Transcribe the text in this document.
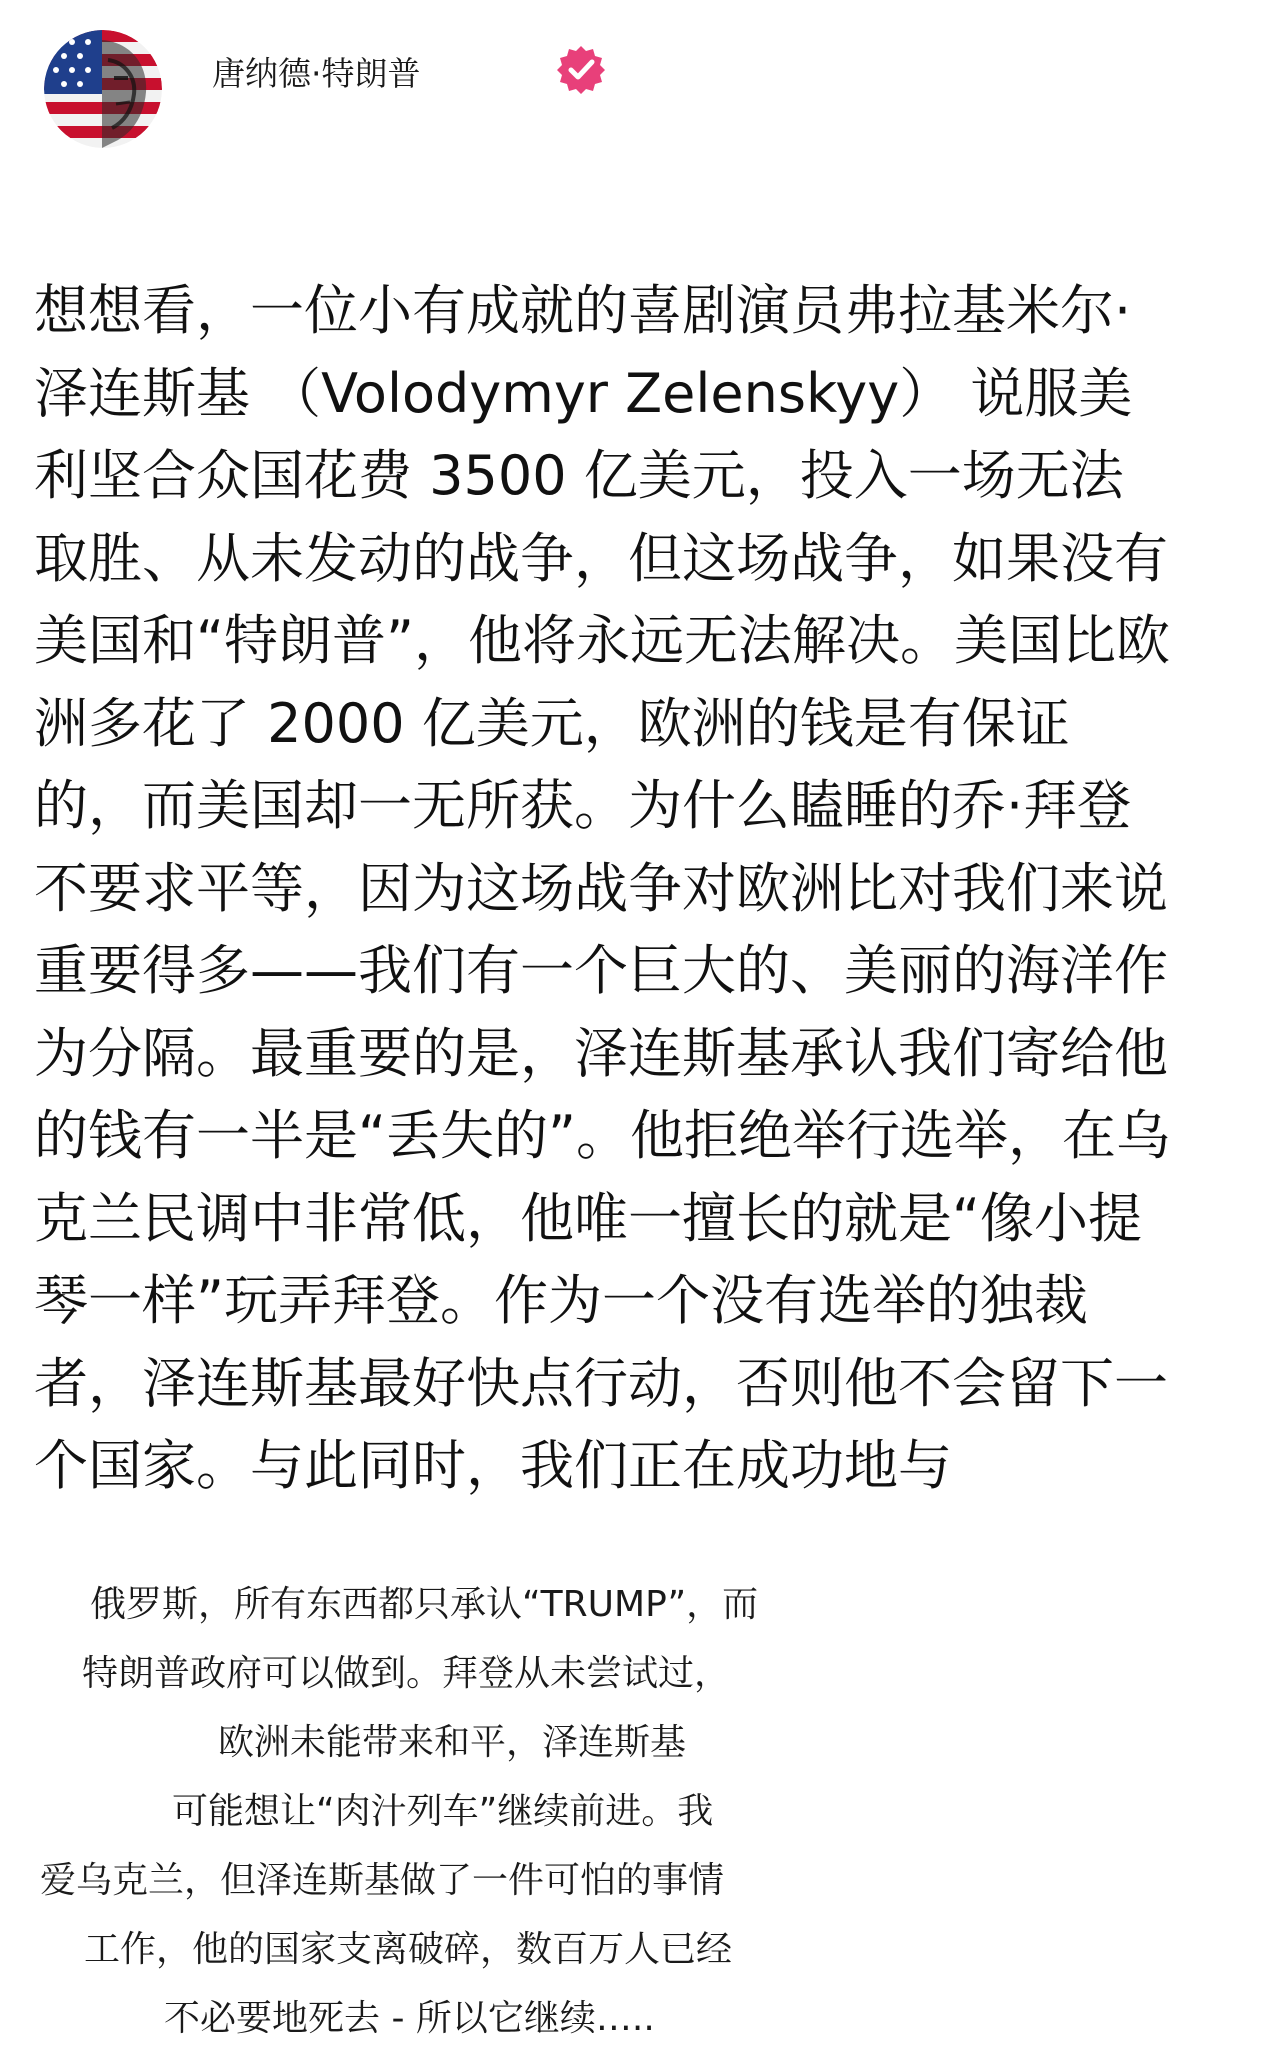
唐纳德·特朗普
想想看，一位小有成就的喜剧演员弗拉基米尔·
泽连斯基 （Volodymyr Zelenskyy） 说服美
利坚合众国花费 3500 亿美元，投入一场无法
取胜、从未发动的战争，但这场战争，如果没有
美国和“特朗普”，他将永远无法解决。美国比欧
洲多花了 2000 亿美元，欧洲的钱是有保证
的，而美国却一无所获。为什么瞌睡的乔·拜登
不要求平等，因为这场战争对欧洲比对我们来说
重要得多——我们有一个巨大的、美丽的海洋作
为分隔。最重要的是，泽连斯基承认我们寄给他
的钱有一半是“丢失的”。他拒绝举行选举，在乌
克兰民调中非常低，他唯一擅长的就是“像小提
琴一样”玩弄拜登。作为一个没有选举的独裁
者，泽连斯基最好快点行动，否则他不会留下一
个国家。与此同时，我们正在成功地与
俄罗斯，所有东西都只承认“TRUMP”，而
特朗普政府可以做到。拜登从未尝试过，
欧洲未能带来和平，泽连斯基
可能想让“肉汁列车”继续前进。我
爱乌克兰，但泽连斯基做了一件可怕的事情
工作，他的国家支离破碎，数百万人已经
不必要地死去 - 所以它继续…..
